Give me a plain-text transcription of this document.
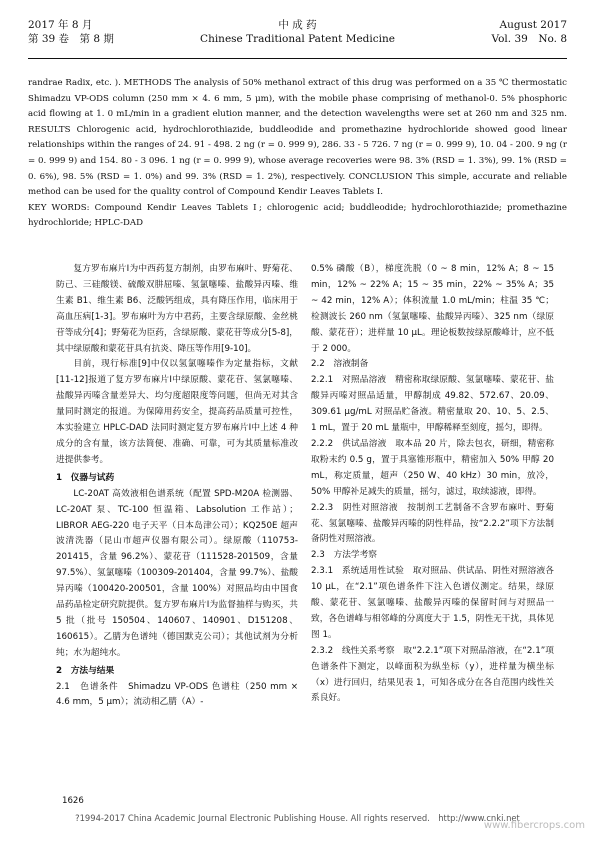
2017 年 8 月
第 39 卷　第 8 期
中 成 药
Chinese Traditional Patent Medicine
August 2017
Vol. 39　No. 8
randrae Radix, etc. ). METHODS The analysis of 50% methanol extract of this drug was performed on a 35 ℃ thermostatic Shimadzu VP-ODS column (250 mm × 4. 6 mm, 5 μm), with the mobile phase comprising of methanol-0. 5% phosphoric acid flowing at 1. 0 mL/min in a gradient elution manner, and the detection wavelengths were set at 260 nm and 325 nm. RESULTS Chlorogenic acid, hydrochlorothiazide, buddleodide and promethazine hydrochloride showed good linear relationships within the ranges of 24. 91 - 498. 2 ng (r = 0. 999 9), 286. 33 - 5 726. 7 ng (r = 0. 999 9), 10. 04 - 200. 9 ng (r = 0. 999 9) and 154. 80 - 3 096. 1 ng (r = 0. 999 9), whose average recoveries were 98. 3% (RSD = 1. 3%), 99. 1% (RSD = 0. 6%), 98. 5% (RSD = 1. 0%) and 99. 3% (RSD = 1. 2%), respectively. CONCLUSION This simple, accurate and reliable method can be used for the quality control of Compound Kendir Leaves Tablets Ⅰ.
KEY WORDS: Compound Kendir Leaves Tablets Ⅰ; chlorogenic acid; buddleodide; hydrochlorothiazide; promethazine hydrochloride; HPLC-DAD

复方罗布麻片Ⅰ为中西药复方制剂，由罗布麻叶、野菊花、防己、三硅酸镁、硫酸双肼屈嗪、氢氯噻嗪、盐酸异丙嗪、维生素 B1、维生素 B6、泛酸钙组成，具有降压作用，临床用于高血压病[1-3]。罗布麻叶为方中君药，主要含绿原酸、金丝桃苷等成分[4]；野菊花为臣药，含绿原酸、蒙花苷等成分[5-8]，其中绿原酸和蒙花苷具有抗炎、降压等作用[9-10]。

目前，现行标准[9]中仅以氢氯噻嗪作为定量指标，文献[11-12]报道了复方罗布麻片Ⅰ中绿原酸、蒙花苷、氢氯噻嗪、盐酸异丙嗪含量差异大、均匀度超限度等问题，但尚无对其含量同时测定的报道。为保障用药安全，提高药品质量可控性，本实验建立 HPLC-DAD 法同时测定复方罗布麻片Ⅰ中上述 4 种成分的含有量，该方法简便、准确、可靠，可为其质量标准改进提供参考。

1　仪器与试药

LC-20AT 高效液相色谱系统（配置 SPD-M20A 检测器、LC-20AT 泵、TC-100 恒温箱、Labsolution 工作站）；LIBROR AEG-220 电子天平（日本岛津公司）；KQ250E 超声波清洗器（昆山市超声仪器有限公司）。绿原酸（110753-201415，含量 96.2%）、蒙花苷（111528-201509，含量 97.5%）、氢氯噻嗪（100309-201404，含量 99.7%）、盐酸异丙嗪（100420-200501，含量 100%）对照品均由中国食品药品检定研究院提供。复方罗布麻片Ⅰ为监督抽样与购买，共 5 批（批号 150504、140607、140901、D151208、160615）。乙腈为色谱纯（德国默克公司）；其他试剂为分析纯；水为超纯水。

2　方法与结果

2.1　色谱条件　Shimadzu VP-ODS 色谱柱（250 mm × 4.6 mm，5 μm）；流动相乙腈（A）-

0.5% 磷酸（B），梯度洗脱（0 ~ 8 min，12% A；8 ~ 15 min，12% ~ 22% A；15 ~ 35 min，22% ~ 35% A；35 ~ 42 min，12% A）；体积流量 1.0 mL/min；柱温 35 ℃；检测波长 260 nm（氢氯噻嗪、盐酸异丙嗪）、325 nm（绿原酸、蒙花苷）；进样量 10 μL。理论板数按绿原酸峰计，应不低于 2 000。

2.2　溶液制备

2.2.1　对照品溶液　精密称取绿原酸、氢氯噻嗪、蒙花苷、盐酸异丙嗪对照品适量，甲醇制成 49.82、572.67、20.09、309.61 μg/mL 对照品贮备液。精密量取 20、10、5、2.5、1 mL，置于 20 mL 量瓶中，甲醇稀释至刻度，摇匀，即得。

2.2.2　供试品溶液　取本品 20 片，除去包衣，研细，精密称取粉末约 0.5 g，置于具塞锥形瓶中，精密加入 50% 甲醇 20 mL，称定质量，超声（250 W、40 kHz）30 min，放冷，50% 甲醇补足减失的质量，摇匀，滤过，取续滤液，即得。

2.2.3　阴性对照溶液　按制剂工艺制备不含罗布麻叶、野菊花、氢氯噻嗪、盐酸异丙嗪的阴性样品，按“2.2.2”项下方法制备阴性对照溶液。

2.3　方法学考察

2.3.1　系统适用性试验　取对照品、供试品、阴性对照溶液各 10 μL，在“2.1”项色谱条件下注入色谱仪测定。结果，绿原酸、蒙花苷、氢氯噻嗪、盐酸异丙嗪的保留时间与对照品一致，各色谱峰与相邻峰的分离度大于 1.5，阴性无干扰，具体见图 1。

2.3.2　线性关系考察　取“2.2.1”项下对照品溶液，在“2.1”项色谱条件下测定，以峰面积为纵坐标（y），进样量为横坐标（x）进行回归，结果见表 1，可知各成分在各自范围内线性关系良好。

1626
?1994-2017 China Academic Journal Electronic Publishing House. All rights reserved.　http://www.cnki.net
www.fibercrops.com
